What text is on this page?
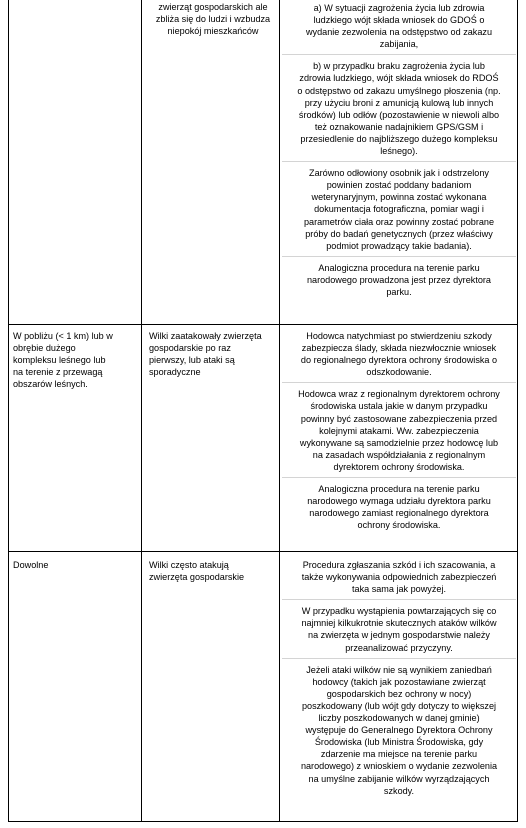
zwierząt gospodarskich ale
zbliża się do ludzi i wzbudza
niepokój mieszkańców

a) W sytuacji zagrożenia życia lub zdrowia
ludzkiego wójt składa wniosek do GDOŚ o
wydanie zezwolenia na odstępstwo od zakazu
zabijania,

b) w przypadku braku zagrożenia życia lub
zdrowia ludzkiego, wójt składa wniosek do RDOŚ
o odstępstwo od zakazu umyślnego płoszenia (np.
przy użyciu broni z amunicją kulową lub innych
środków) lub odłów (pozostawienie w niewoli albo
też oznakowanie nadajnikiem GPS/GSM i
przesiedlenie do najbliższego dużego kompleksu
leśnego).

Zarówno odłowiony osobnik jak i odstrzelony
powinien zostać poddany badaniom
weterynaryjnym, powinna zostać wykonana
dokumentacja fotograficzna, pomiar wagi i
parametrów ciała oraz powinny zostać pobrane
próby do badań genetycznych (przez właściwy
podmiot prowadzący takie badania).

Analogiczna procedura na terenie parku
narodowego prowadzona jest przez dyrektora
parku.

W pobliżu (< 1 km) lub w
obrębie dużego
kompleksu leśnego lub
na terenie z przewagą
obszarów leśnych.

Wilki zaatakowały zwierzęta
gospodarskie po raz
pierwszy, lub ataki są
sporadyczne

Hodowca natychmiast po stwierdzeniu szkody
zabezpiecza ślady, składa niezwłocznie wniosek
do regionalnego dyrektora ochrony środowiska o
odszkodowanie.

Hodowca wraz z regionalnym dyrektorem ochrony
środowiska ustala jakie w danym przypadku
powinny być zastosowane zabezpieczenia przed
kolejnymi atakami. Ww. zabezpieczenia
wykonywane są samodzielnie przez hodowcę lub
na zasadach współdziałania z regionalnym
dyrektorem ochrony środowiska.

Analogiczna procedura na terenie parku
narodowego wymaga udziału dyrektora parku
narodowego zamiast regionalnego dyrektora
ochrony środowiska.

Dowolne	Wilki często atakują
zwierzęta gospodarskie

Procedura zgłaszania szkód i ich szacowania, a
także wykonywania odpowiednich zabezpieczeń
taka sama jak powyżej.

W przypadku wystąpienia powtarzających się co
najmniej kilkukrotnie skutecznych ataków wilków
na zwierzęta w jednym gospodarstwie należy
przeanalizować przyczyny.

Jeżeli ataki wilków nie są wynikiem zaniedbań
hodowcy (takich jak pozostawiane zwierząt
gospodarskich bez ochrony w nocy)
poszkodowany (lub wójt gdy dotyczy to większej
liczby poszkodowanych w danej gminie)
występuje do Generalnego Dyrektora Ochrony
Środowiska (lub Ministra Środowiska, gdy
zdarzenie ma miejsce na terenie parku
narodowego) z wnioskiem o wydanie zezwolenia
na umyślne zabijanie wilków wyrządzających
szkody.
